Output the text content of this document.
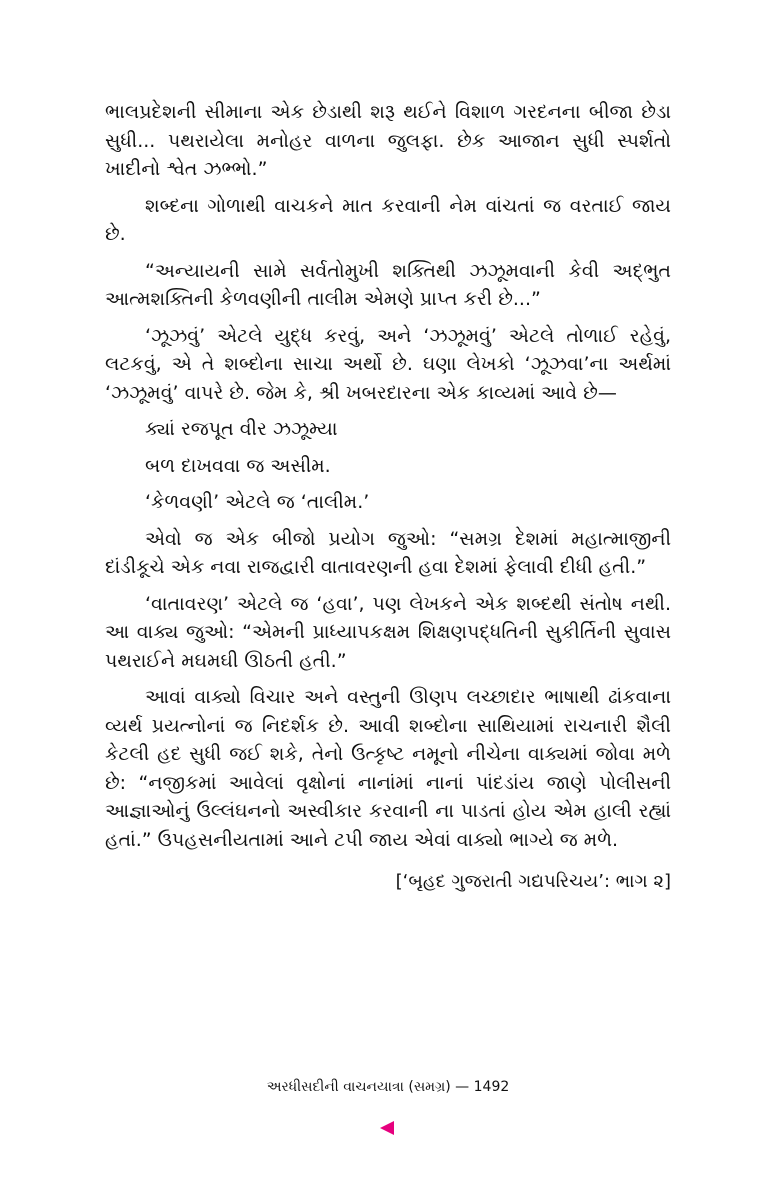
ભાલપ્રદેશની સીમાના એક છેડાથી શરૂ થઈને વિશાળ ગરદનના બીજા છેડા સુધી... પથરાયેલા મનોહર વાળના જુલફા. છેક આજાન સુધી સ્પર્શતો ખાદીનો શ્વેત ઝભ્ભો.”

શબ્દના ગોળાથી વાચકને માત કરવાની નેમ વાંચતાં જ વરતાઈ જાય છે.

“અન્યાયની સામે સર્વતોમુખી શક્તિથી ઝઝૂમવાની કેવી અદ્ભુત આત્મશક્તિની કેળવણીની તાલીમ એમણે પ્રાપ્ત કરી છે...”

‘ઝૂઝવું’ એટલે યુદ્ધ કરવું, અને ‘ઝઝૂમવું’ એટલે તોળાઈ રહેવું, લટકવું, એ તે શબ્દોના સાચા અર્થો છે. ઘણા લેખકો ‘ઝૂઝવા’ના અર્થમાં ‘ઝઝૂમવું’ વાપરે છે. જેમ કે, શ્રી ખબરદારના એક કાવ્યમાં આવે છે—

ક્યાં રજપૂત વીર ઝઝૂમ્યા
બળ દાખવવા જ અસીમ.

‘કેળવણી’ એટલે જ ‘તાલીમ.’

એવો જ એક બીજો પ્રયોગ જુઓ: “સમગ્ર દેશમાં મહાત્માજીની દાંડીકૂચે એક નવા રાજદ્વારી વાતાવરણની હવા દેશમાં ફેલાવી દીધી હતી.”

‘વાતાવરણ’ એટલે જ ‘હવા’, પણ લેખકને એક શબ્દથી સંતોષ નથી. આ વાક્ય જુઓ: “એમની પ્રાધ્યાપકક્ષમ શિક્ષણપદ્ધતિની સુકીર્તિની સુવાસ પથરાઈને મઘમઘી ઊઠતી હતી.”

આવાં વાક્યો વિચાર અને વસ્તુની ઊણપ લચ્છાદાર ભાષાથી ઢાંકવાના વ્યર્થ પ્રયત્નોનાં જ નિદર્શક છે. આવી શબ્દોના સાથિયામાં રાચનારી શૈલી કેટલી હદ સુધી જઈ શકે, તેનો ઉત્કૃષ્ટ નમૂનો નીચેના વાક્યમાં જોવા મળે છે: “નજીકમાં આવેલાં વૃક્ષોનાં નાનાંમાં નાનાં પાંદડાંય જાણે પોલીસની આજ્ઞાઓનું ઉલ્લંઘનનો અસ્વીકાર કરવાની ના પાડતાં હોય એમ હાલી રહ્યાં હતાં.” ઉપહસનીયતામાં આને ટપી જાય એવાં વાક્યો ભાગ્યે જ મળે.

[‘બૃહદ ગુજરાતી ગદ્યપરિચય’: ભાગ ૨]
અરધીસદીની વાચનયાત્રા (સમગ્ર) — 1492
